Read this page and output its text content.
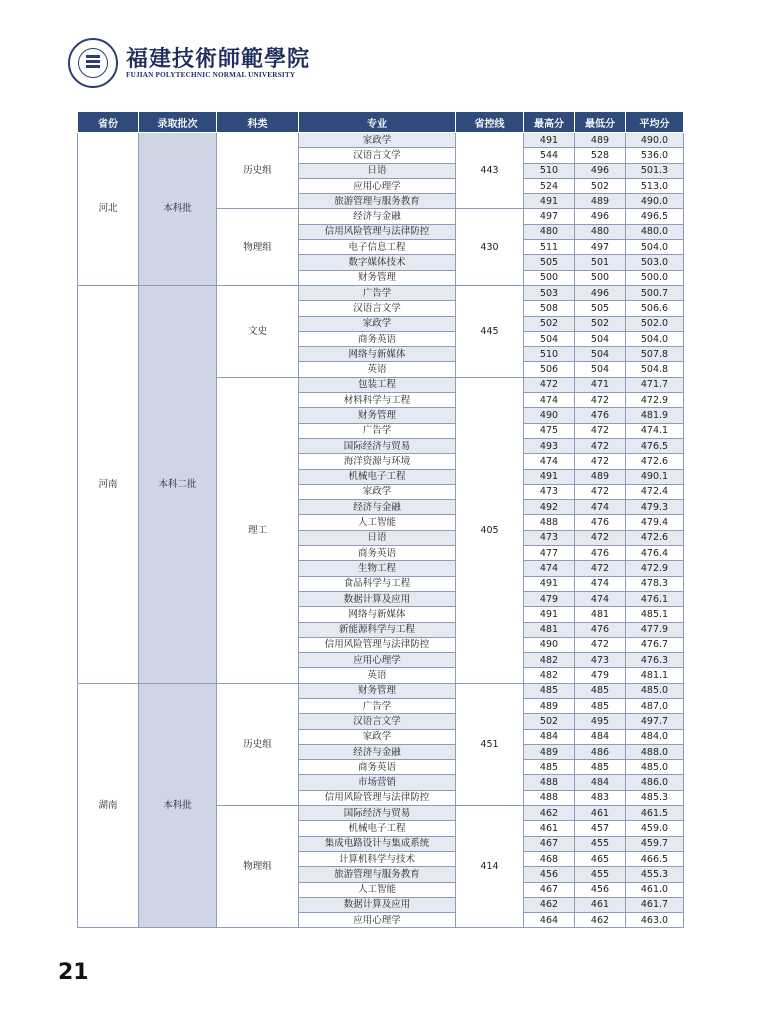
福建技術師範學院
FUJIAN POLYTECHNIC NORMAL UNIVERSITY
省份	录取批次	科类	专业	省控线	最高分	最低分	平均分
河北	本科批	历史组	家政学	443	491	489	490.0
			汉语言文学		544	528	536.0
			日语		510	496	501.3
			应用心理学		524	502	513.0
			旅游管理与服务教育		491	489	490.0
		物理组	经济与金融	430	497	496	496.5
			信用风险管理与法律防控		480	480	480.0
			电子信息工程		511	497	504.0
			数字媒体技术		505	501	503.0
			财务管理		500	500	500.0
河南	本科二批	文史	广告学	445	503	496	500.7
			汉语言文学		508	505	506.6
			家政学		502	502	502.0
			商务英语		504	504	504.0
			网络与新媒体		510	504	507.8
			英语		506	504	504.8
		理工	包装工程	405	472	471	471.7
			材料科学与工程		474	472	472.9
			财务管理		490	476	481.9
			广告学		475	472	474.1
			国际经济与贸易		493	472	476.5
			海洋资源与环境		474	472	472.6
			机械电子工程		491	489	490.1
			家政学		473	472	472.4
			经济与金融		492	474	479.3
			人工智能		488	476	479.4
			日语		473	472	472.6
			商务英语		477	476	476.4
			生物工程		474	472	472.9
			食品科学与工程		491	474	478.3
			数据计算及应用		479	474	476.1
			网络与新媒体		491	481	485.1
			新能源科学与工程		481	476	477.9
			信用风险管理与法律防控		490	472	476.7
			应用心理学		482	473	476.3
			英语		482	479	481.1
湖南	本科批	历史组	财务管理	451	485	485	485.0
			广告学		489	485	487.0
			汉语言文学		502	495	497.7
			家政学		484	484	484.0
			经济与金融		489	486	488.0
			商务英语		485	485	485.0
			市场营销		488	484	486.0
			信用风险管理与法律防控		488	483	485.3
		物理组	国际经济与贸易	414	462	461	461.5
			机械电子工程		461	457	459.0
			集成电路设计与集成系统		467	455	459.7
			计算机科学与技术		468	465	466.5
			旅游管理与服务教育		456	455	455.3
			人工智能		467	456	461.0
			数据计算及应用		462	461	461.7
			应用心理学		464	462	463.0
21
